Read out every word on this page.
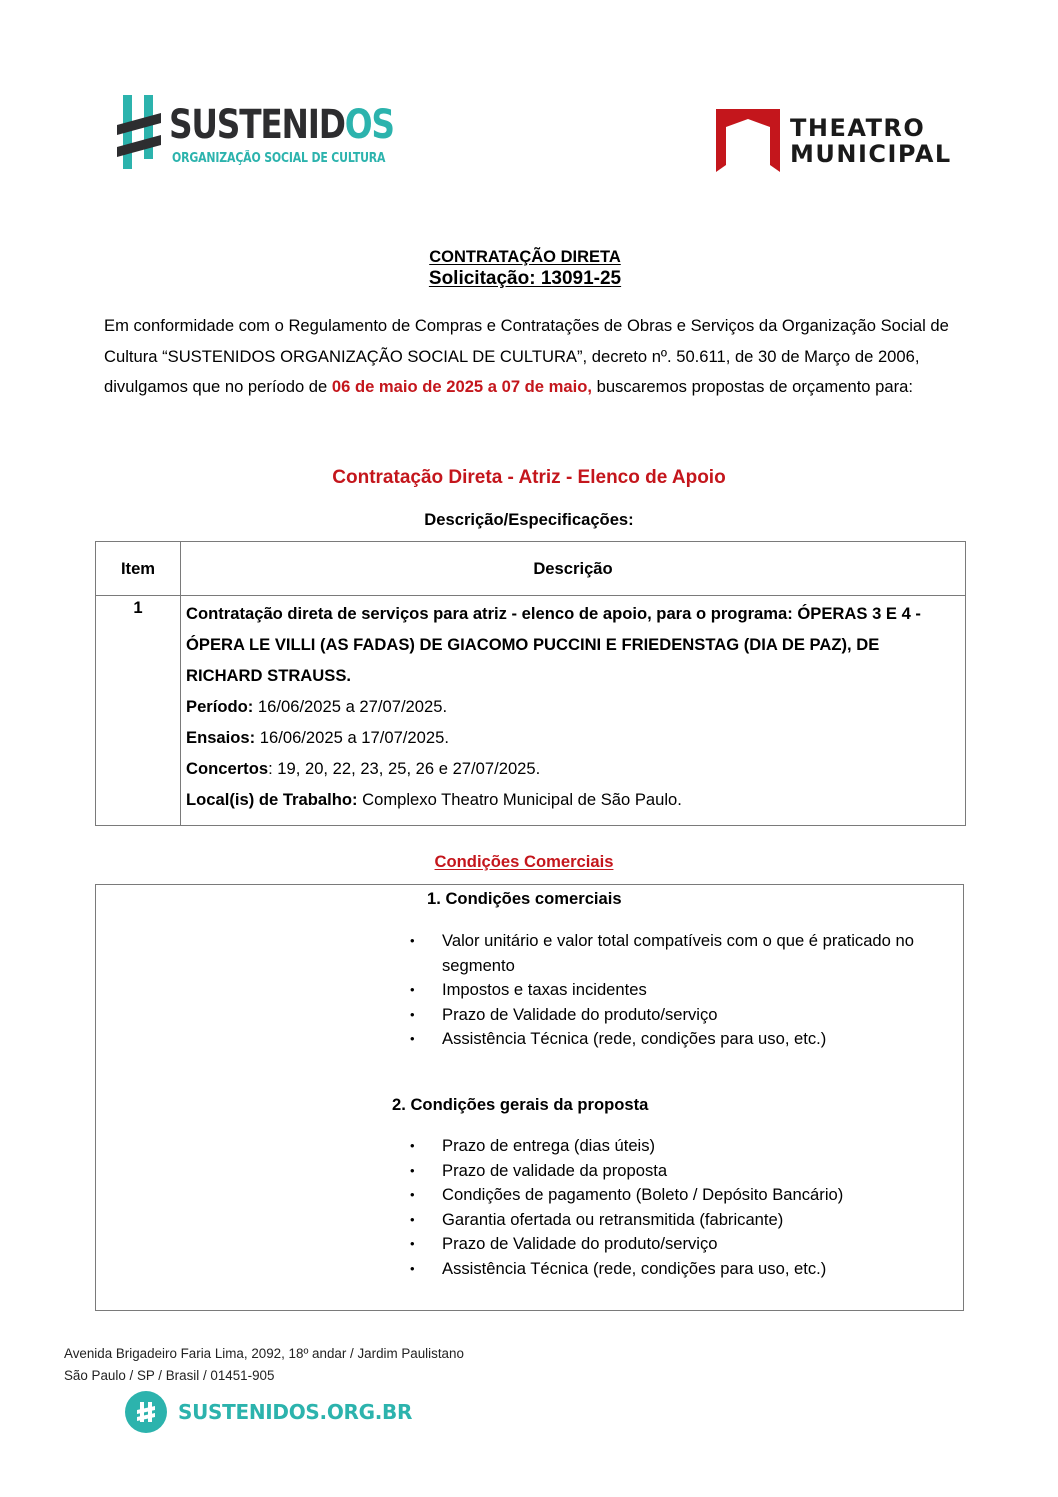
SUSTENIDOS
ORGANIZAÇÃO SOCIAL DE CULTURA
THEATRO
MUNICIPAL
CONTRATAÇÃO DIRETA
Solicitação: 13091-25
Em conformidade com o Regulamento de Compras e Contratações de Obras e Serviços da Organização Social de Cultura “SUSTENIDOS ORGANIZAÇÃO SOCIAL DE CULTURA”, decreto nº. 50.611, de 30 de Março de 2006, divulgamos que no período de 06 de maio de 2025 a 07 de maio, buscaremos propostas de orçamento para:
Contratação Direta - Atriz - Elenco de Apoio
Descrição/Especificações:
Item	Descrição
1	Contratação direta de serviços para atriz - elenco de apoio, para o programa: ÓPERAS 3 E 4 - ÓPERA LE VILLI (AS FADAS) DE GIACOMO PUCCINI E FRIEDENSTAG (DIA DE PAZ), DE RICHARD STRAUSS.
Período: 16/06/2025 a 27/07/2025.
Ensaios: 16/06/2025 a 17/07/2025.
Concertos: 19, 20, 22, 23, 25, 26 e 27/07/2025.
Local(is) de Trabalho: Complexo Theatro Municipal de São Paulo.
Condições Comerciais
1. Condições comerciais
• Valor unitário e valor total compatíveis com o que é praticado no segmento
• Impostos e taxas incidentes
• Prazo de Validade do produto/serviço
• Assistência Técnica (rede, condições para uso, etc.)
2. Condições gerais da proposta
• Prazo de entrega (dias úteis)
• Prazo de validade da proposta
• Condições de pagamento (Boleto / Depósito Bancário)
• Garantia ofertada ou retransmitida (fabricante)
• Prazo de Validade do produto/serviço
• Assistência Técnica (rede, condições para uso, etc.)
Avenida Brigadeiro Faria Lima, 2092, 18º andar / Jardim Paulistano
São Paulo / SP / Brasil / 01451-905
SUSTENIDOS.ORG.BR
